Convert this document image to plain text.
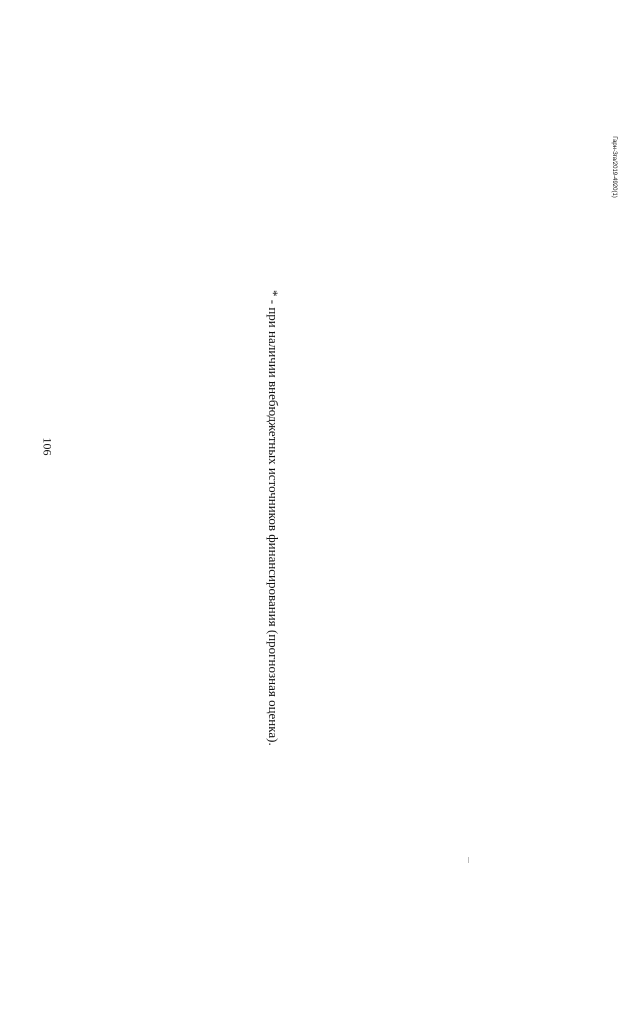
106
Гарн-Зга/2019-4920(1)

* - при наличии внебюджетных источников финансирования (прогнозная оценка).
